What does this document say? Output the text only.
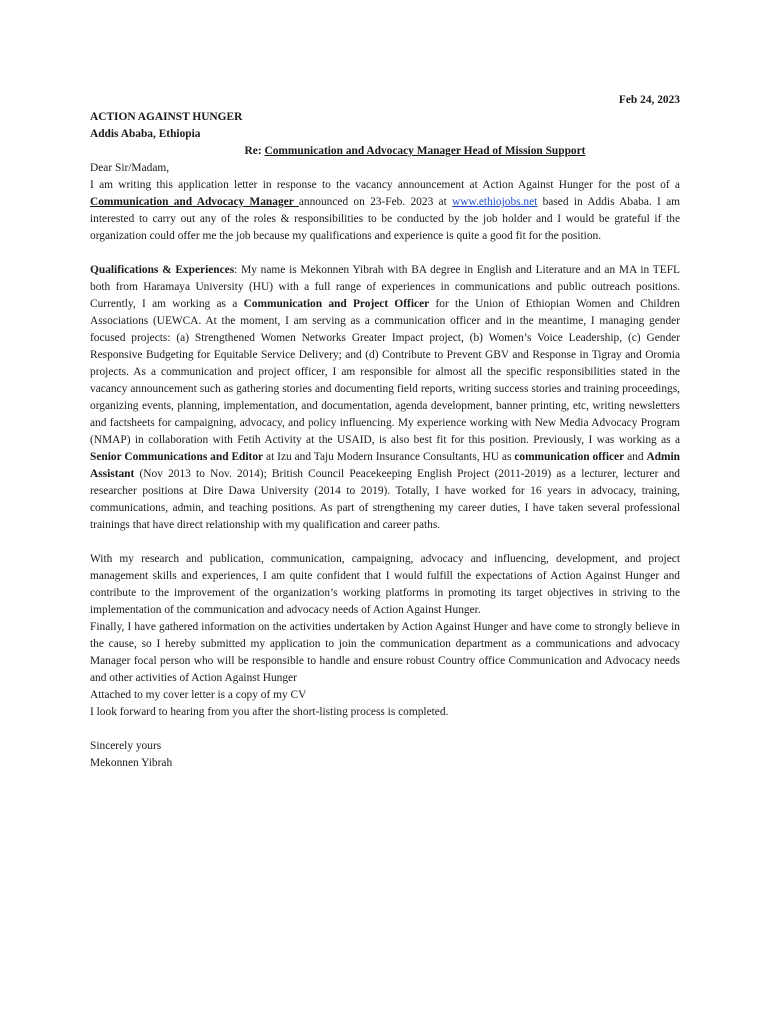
Feb 24, 2023
ACTION AGAINST HUNGER
Addis Ababa, Ethiopia
Re: Communication and Advocacy Manager Head of Mission Support
Dear Sir/Madam,

I am writing this application letter in response to the vacancy announcement at Action Against Hunger for the post of a Communication and Advocacy Manager announced on 23-Feb. 2023 at www.ethiojobs.net based in Addis Ababa. I am interested to carry out any of the roles & responsibilities to be conducted by the job holder and I would be grateful if the organization could offer me the job because my qualifications and experience is quite a good fit for the position.

Qualifications & Experiences: My name is Mekonnen Yibrah with BA degree in English and Literature and an MA in TEFL both from Haramaya University (HU) with a full range of experiences in communications and public outreach positions. Currently, I am working as a Communication and Project Officer for the Union of Ethiopian Women and Children Associations (UEWCA. At the moment, I am serving as a communication officer and in the meantime, I managing gender focused projects: (a) Strengthened Women Networks Greater Impact project, (b) Women’s Voice Leadership, (c) Gender Responsive Budgeting for Equitable Service Delivery; and (d) Contribute to Prevent GBV and Response in Tigray and Oromia projects. As a communication and project officer, I am responsible for almost all the specific responsibilities stated in the vacancy announcement such as gathering stories and documenting field reports, writing success stories and training proceedings, organizing events, planning, implementation, and documentation, agenda development, banner printing, etc, writing newsletters and factsheets for campaigning, advocacy, and policy influencing. My experience working with New Media Advocacy Program (NMAP) in collaboration with Fetih Activity at the USAID, is also best fit for this position. Previously, I was working as a Senior Communications and Editor at Izu and Taju Modern Insurance Consultants, HU as communication officer and Admin Assistant (Nov 2013 to Nov. 2014); British Council Peacekeeping English Project (2011-2019) as a lecturer, lecturer and researcher positions at Dire Dawa University (2014 to 2019). Totally, I have worked for 16 years in advocacy, training, communications, admin, and teaching positions. As part of strengthening my career duties, I have taken several professional trainings that have direct relationship with my qualification and career paths.

With my research and publication, communication, campaigning, advocacy and influencing, development, and project management skills and experiences, I am quite confident that I would fulfill the expectations of Action Against Hunger and contribute to the improvement of the organization’s working platforms in promoting its target objectives in striving to the implementation of the communication and advocacy needs of Action Against Hunger.

Finally, I have gathered information on the activities undertaken by Action Against Hunger and have come to strongly believe in the cause, so I hereby submitted my application to join the communication department as a communications and advocacy Manager focal person who will be responsible to handle and ensure robust Country office Communication and Advocacy needs and other activities of Action Against Hunger

Attached to my cover letter is a copy of my CV

I look forward to hearing from you after the short-listing process is completed.

Sincerely yours
Mekonnen Yibrah
